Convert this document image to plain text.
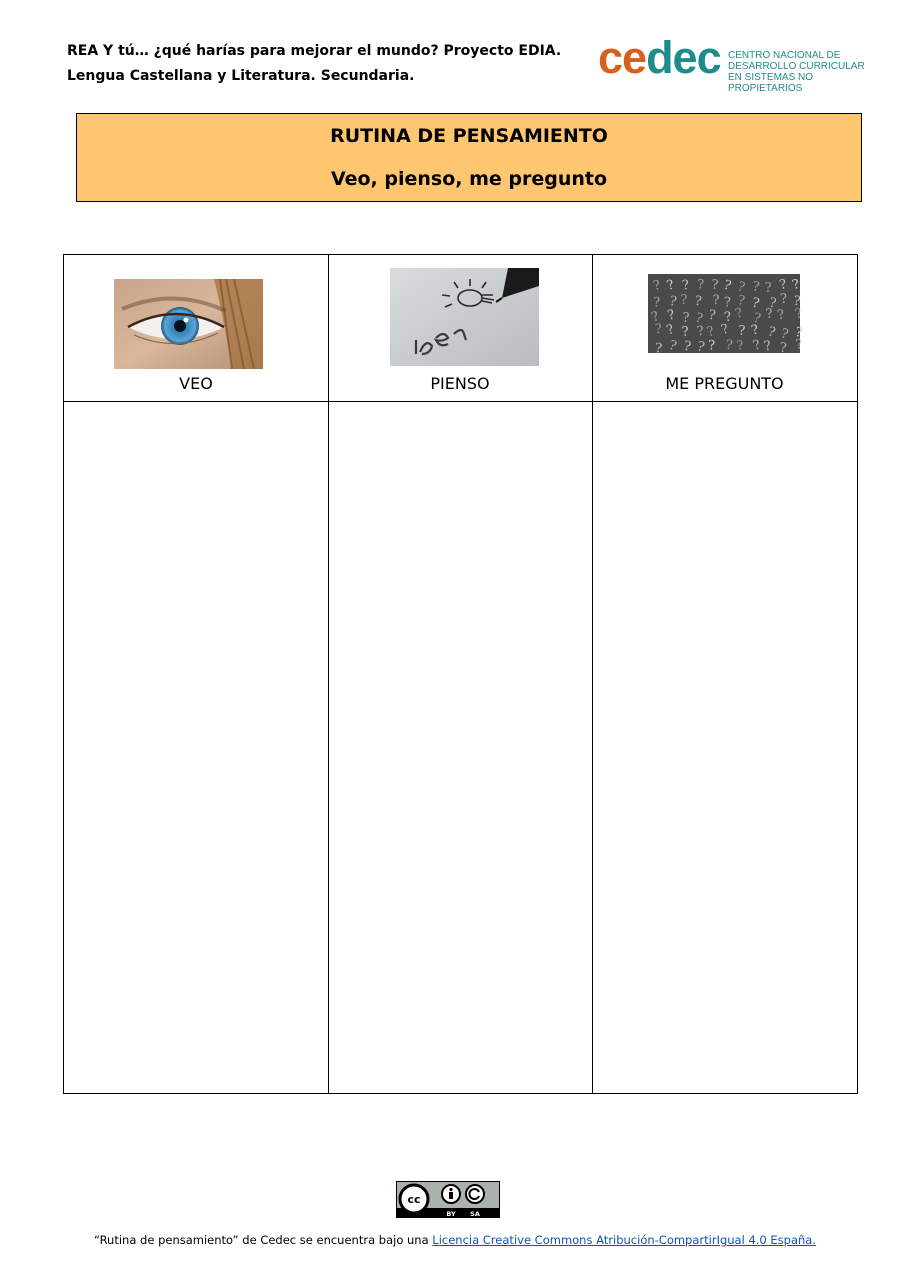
REA Y tú… ¿qué harías para mejorar el mundo? Proyecto EDIA.
Lengua Castellana y Literatura. Secundaria.	cedec CENTRO NACIONAL DE
DESARROLLO CURRICULAR
EN SISTEMAS NO PROPIETARIOS
RUTINA DE PENSAMIENTO
Veo, pienso, me pregunto
? ? ? ? ? ? ? ? ? ? ?
? ? ? ? ? ? ? ? ? ? ?
? ? ? ? ? ? ? ? ? ? ?
? ? ? ? ? ? ? ? ? ? ?
? ? ? ? ? ? ? ? ? ? ?
VEO	PIENSO	ME PREGUNTO
cc
BY SA
“Rutina de pensamiento” de Cedec se encuentra bajo una Licencia Creative Commons Atribución-CompartirIgual 4.0 España.
